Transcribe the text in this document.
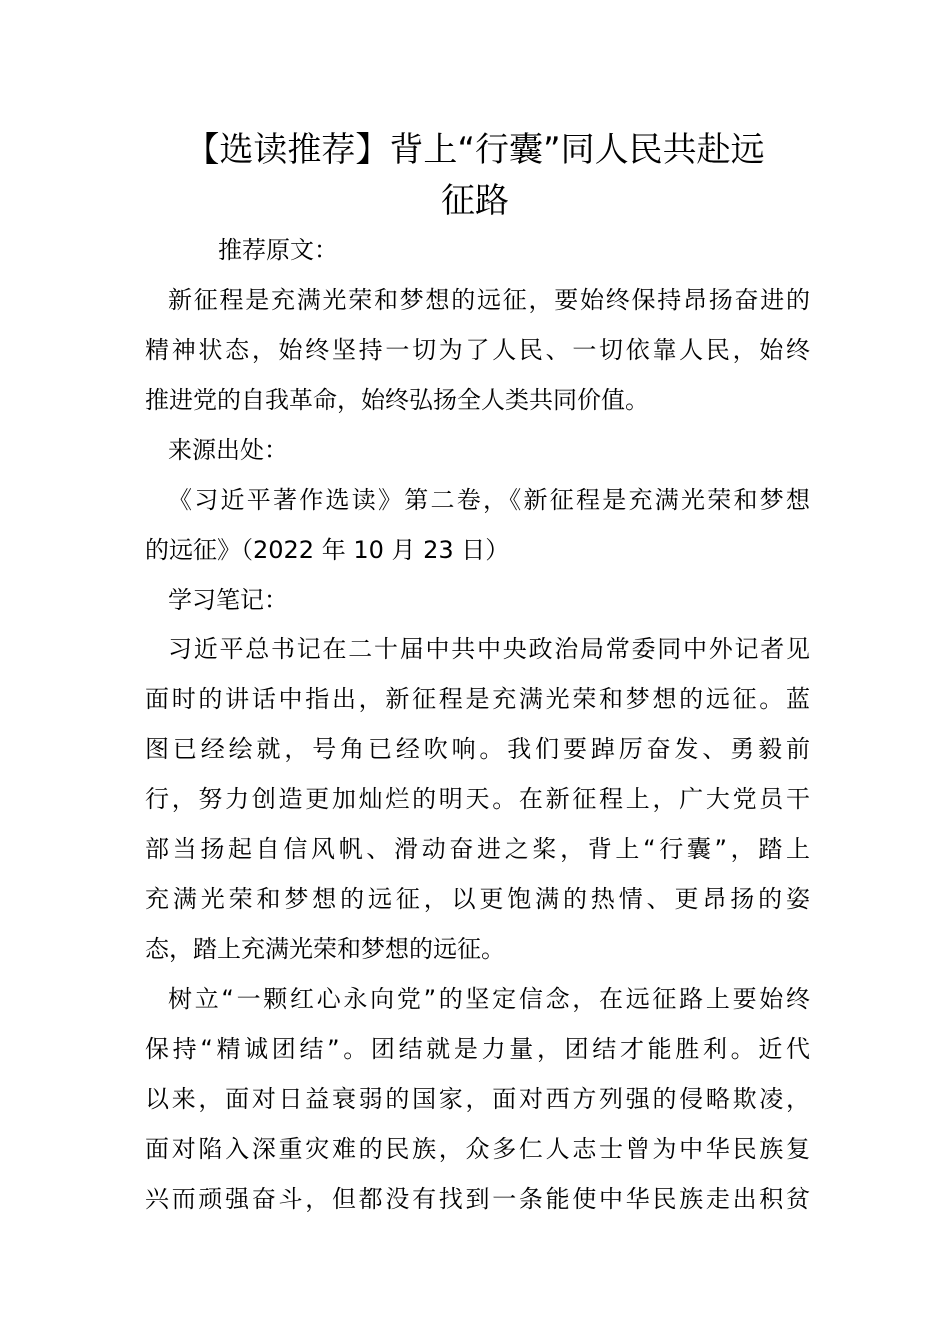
【选读推荐】背上“行囊”同人民共赴远
征路
推荐原文：
新征程是充满光荣和梦想的远征，要始终保持昂扬奋进的
精神状态，始终坚持一切为了人民、一切依靠人民，始终
推进党的自我革命，始终弘扬全人类共同价值。
来源出处：
《习近平著作选读》第二卷，《新征程是充满光荣和梦想
的远征》（2022 年 10 月 23 日）
学习笔记：
习近平总书记在二十届中共中央政治局常委同中外记者见
面时的讲话中指出，新征程是充满光荣和梦想的远征。蓝
图已经绘就，号角已经吹响。我们要踔厉奋发、勇毅前
行，努力创造更加灿烂的明天。在新征程上，广大党员干
部当扬起自信风帆、滑动奋进之桨，背上“行囊”，踏上
充满光荣和梦想的远征，以更饱满的热情、更昂扬的姿
态，踏上充满光荣和梦想的远征。
树立“一颗红心永向党”的坚定信念，在远征路上要始终
保持“精诚团结”。团结就是力量，团结才能胜利。近代
以来，面对日益衰弱的国家，面对西方列强的侵略欺凌，
面对陷入深重灾难的民族，众多仁人志士曾为中华民族复
兴而顽强奋斗，但都没有找到一条能使中华民族走出积贫
